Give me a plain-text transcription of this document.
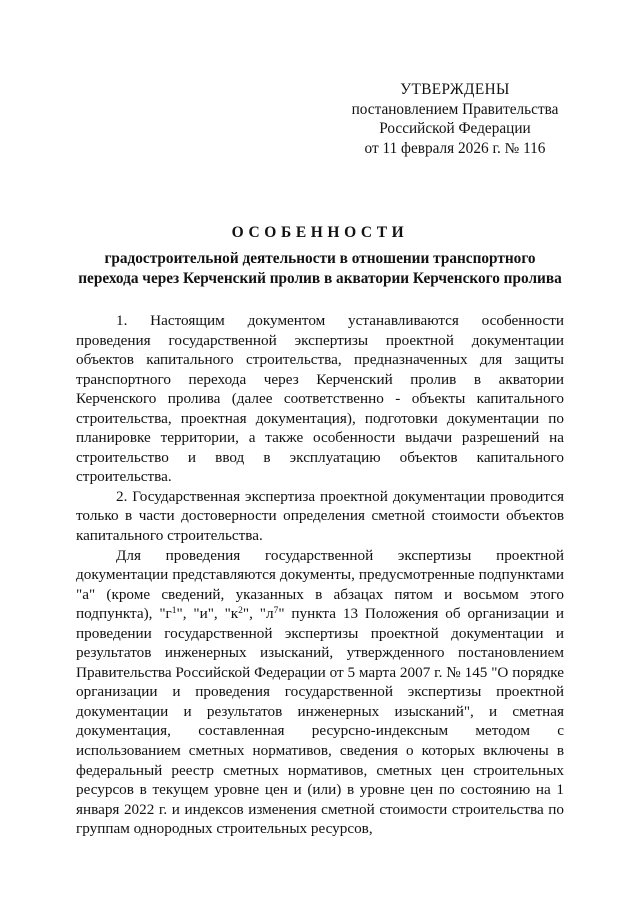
УТВЕРЖДЕНЫ
постановлением Правительства
Российской Федерации
от 11 февраля 2026 г. № 116
ОСОБЕННОСТИ
градостроительной деятельности в отношении транспортного
перехода через Керченский пролив в акватории Керченского пролива

1. Настоящим документом устанавливаются особенности проведения государственной экспертизы проектной документации объектов капитального строительства, предназначенных для защиты транспортного перехода через Керченский пролив в акватории Керченского пролива (далее соответственно - объекты капитального строительства, проектная документация), подготовки документации по планировке территории, а также особенности выдачи разрешений на строительство и ввод в эксплуатацию объектов капитального строительства.

2. Государственная экспертиза проектной документации проводится только в части достоверности определения сметной стоимости объектов капитального строительства.

Для проведения государственной экспертизы проектной документации представляются документы, предусмотренные подпунктами "а" (кроме сведений, указанных в абзацах пятом и восьмом этого подпункта), "$г^1$", "и", "$к^2$", "$л^7$" пункта 13 Положения об организации и проведении государственной экспертизы проектной документации и результатов инженерных изысканий, утвержденного постановлением Правительства Российской Федерации от 5 марта 2007 г. № 145 "О порядке организации и проведения государственной экспертизы проектной документации и результатов инженерных изысканий", и сметная документация, составленная ресурсно-индексным методом с использованием сметных нормативов, сведения о которых включены в федеральный реестр сметных нормативов, сметных цен строительных ресурсов в текущем уровне цен и (или) в уровне цен по состоянию на 1 января 2022 г. и индексов изменения сметной стоимости строительства по группам однородных строительных ресурсов,
